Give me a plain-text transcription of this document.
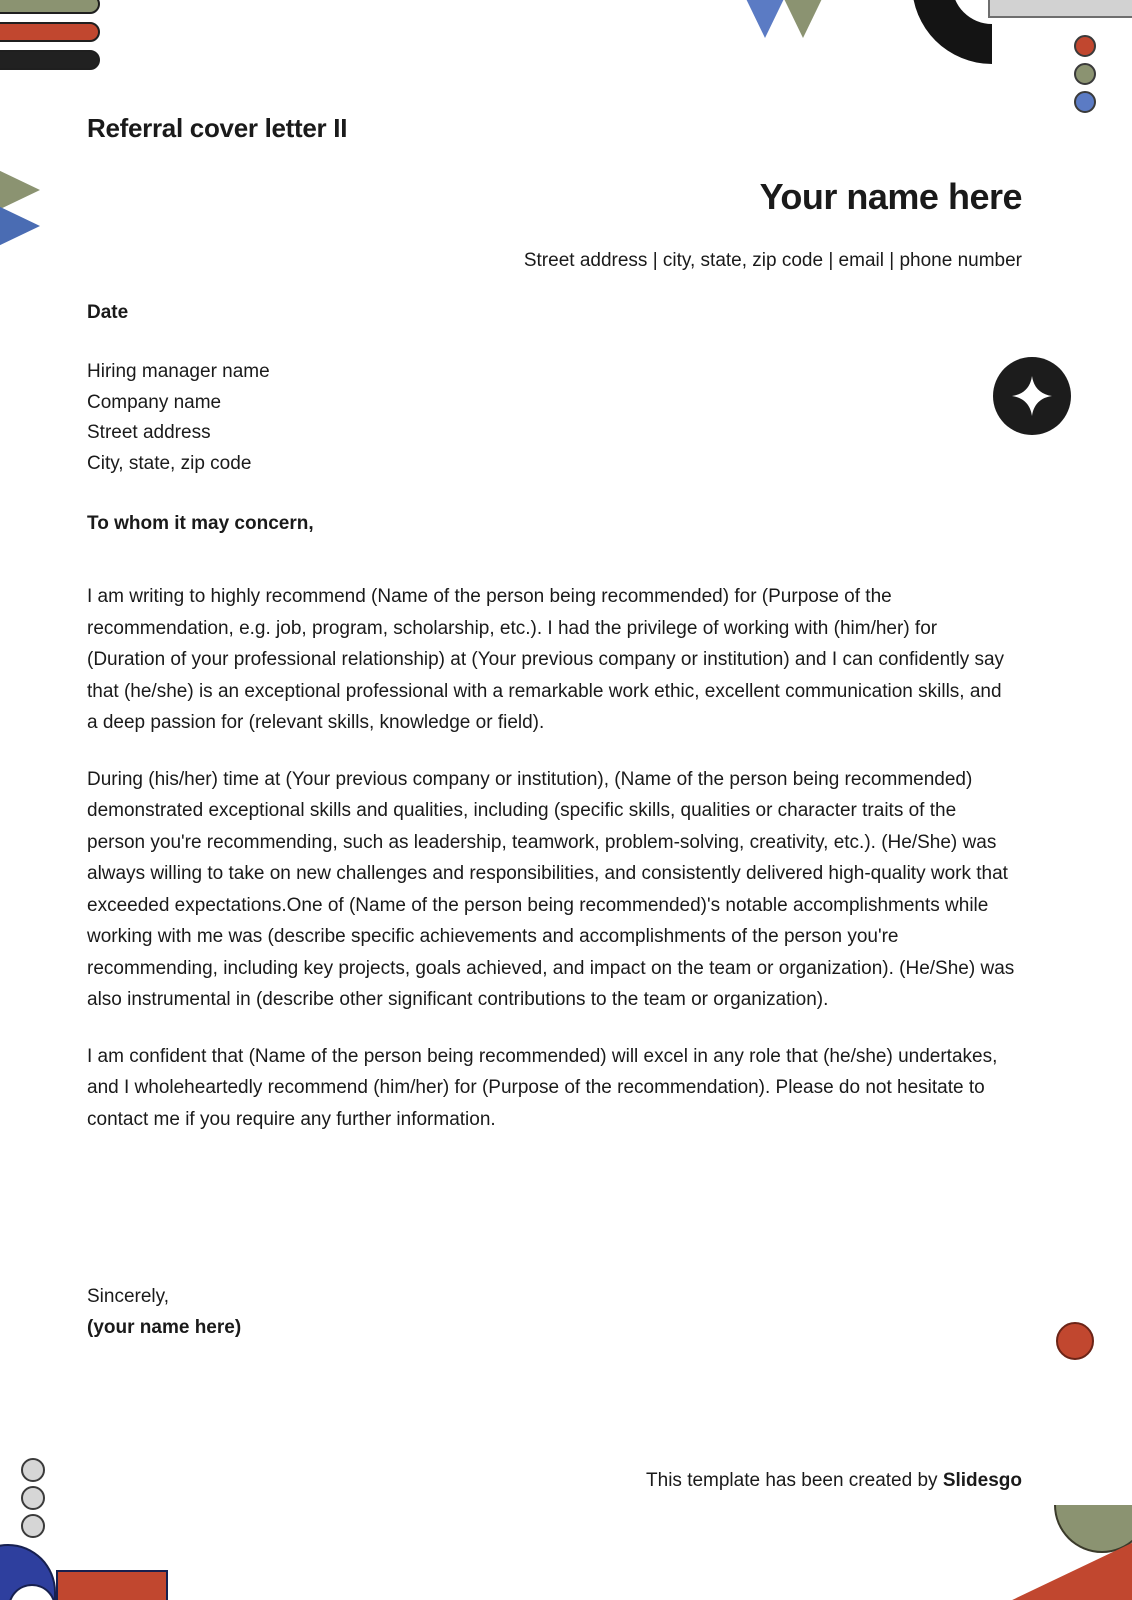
Referral cover letter II
Your name here
Street address | city, state, zip code | email | phone number
Date
Hiring manager name
Company name
Street address
City, state, zip code
To whom it may concern,

I am writing to highly recommend (Name of the person being recommended) for (Purpose of the recommendation, e.g. job, program, scholarship, etc.). I had the privilege of working with (him/her) for (Duration of your professional relationship) at (Your previous company or institution) and I can confidently say that (he/she) is an exceptional professional with a remarkable work ethic, excellent communication skills, and a deep passion for (relevant skills, knowledge or field).

During (his/her) time at (Your previous company or institution), (Name of the person being recommended) demonstrated exceptional skills and qualities, including (specific skills, qualities or character traits of the person you're recommending, such as leadership, teamwork, problem-solving, creativity, etc.). (He/She) was always willing to take on new challenges and responsibilities, and consistently delivered high-quality work that exceeded expectations.One of (Name of the person being recommended)'s notable accomplishments while working with me was (describe specific achievements and accomplishments of the person you're recommending, including key projects, goals achieved, and impact on the team or organization). (He/She) was also instrumental in (describe other significant contributions to the team or organization).

I am confident that (Name of the person being recommended) will excel in any role that (he/she) undertakes, and I wholeheartedly recommend (him/her) for (Purpose of the recommendation). Please do not hesitate to contact me if you require any further information.

Sincerely,
(your name here)
This template has been created by Slidesgo
